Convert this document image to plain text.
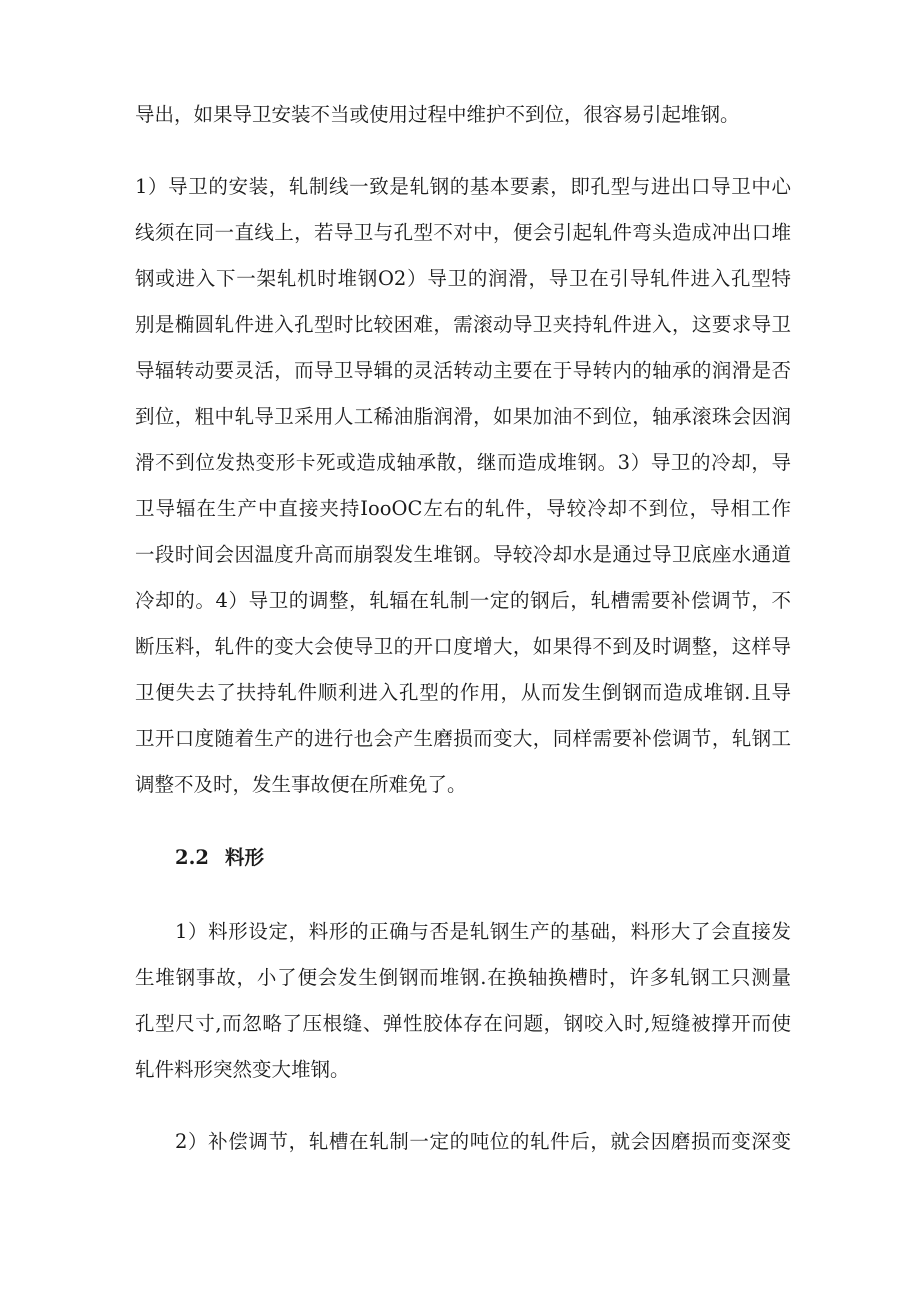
导出，如果导卫安装不当或使用过程中维护不到位，很容易引起堆钢。
1）导卫的安装，轧制线一致是轧钢的基本要素，即孔型与进出口导卫中心
线须在同一直线上，若导卫与孔型不对中，便会引起轧件弯头造成冲出口堆
钢或进入下一架轧机时堆钢O2）导卫的润滑，导卫在引导轧件进入孔型特
别是椭圆轧件进入孔型时比较困难，需滚动导卫夹持轧件进入，这要求导卫
导辐转动要灵活，而导卫导辑的灵活转动主要在于导转内的轴承的润滑是否
到位，粗中轧导卫采用人工稀油脂润滑，如果加油不到位，轴承滚珠会因润
滑不到位发热变形卡死或造成轴承散，继而造成堆钢。3）导卫的冷却，导
卫导辐在生产中直接夹持IooOC左右的轧件，导较冷却不到位，导相工作
一段时间会因温度升高而崩裂发生堆钢。导较冷却水是通过导卫底座水通道
冷却的。4）导卫的调整，轧辐在轧制一定的钢后，轧槽需要补偿调节，不
断压料，轧件的变大会使导卫的开口度增大，如果得不到及时调整，这样导
卫便失去了扶持轧件顺利进入孔型的作用，从而发生倒钢而造成堆钢.且导
卫开口度随着生产的进行也会产生磨损而变大，同样需要补偿调节，轧钢工
调整不及时，发生事故便在所难免了。
2.2 料形
1）料形设定，料形的正确与否是轧钢生产的基础，料形大了会直接发
生堆钢事故，小了便会发生倒钢而堆钢.在换轴换槽时，许多轧钢工只测量
孔型尺寸,而忽略了压根缝、弹性胶体存在问题，钢咬入时,短缝被撑开而使
轧件料形突然变大堆钢。
2）补偿调节，轧槽在轧制一定的吨位的轧件后，就会因磨损而变深变
